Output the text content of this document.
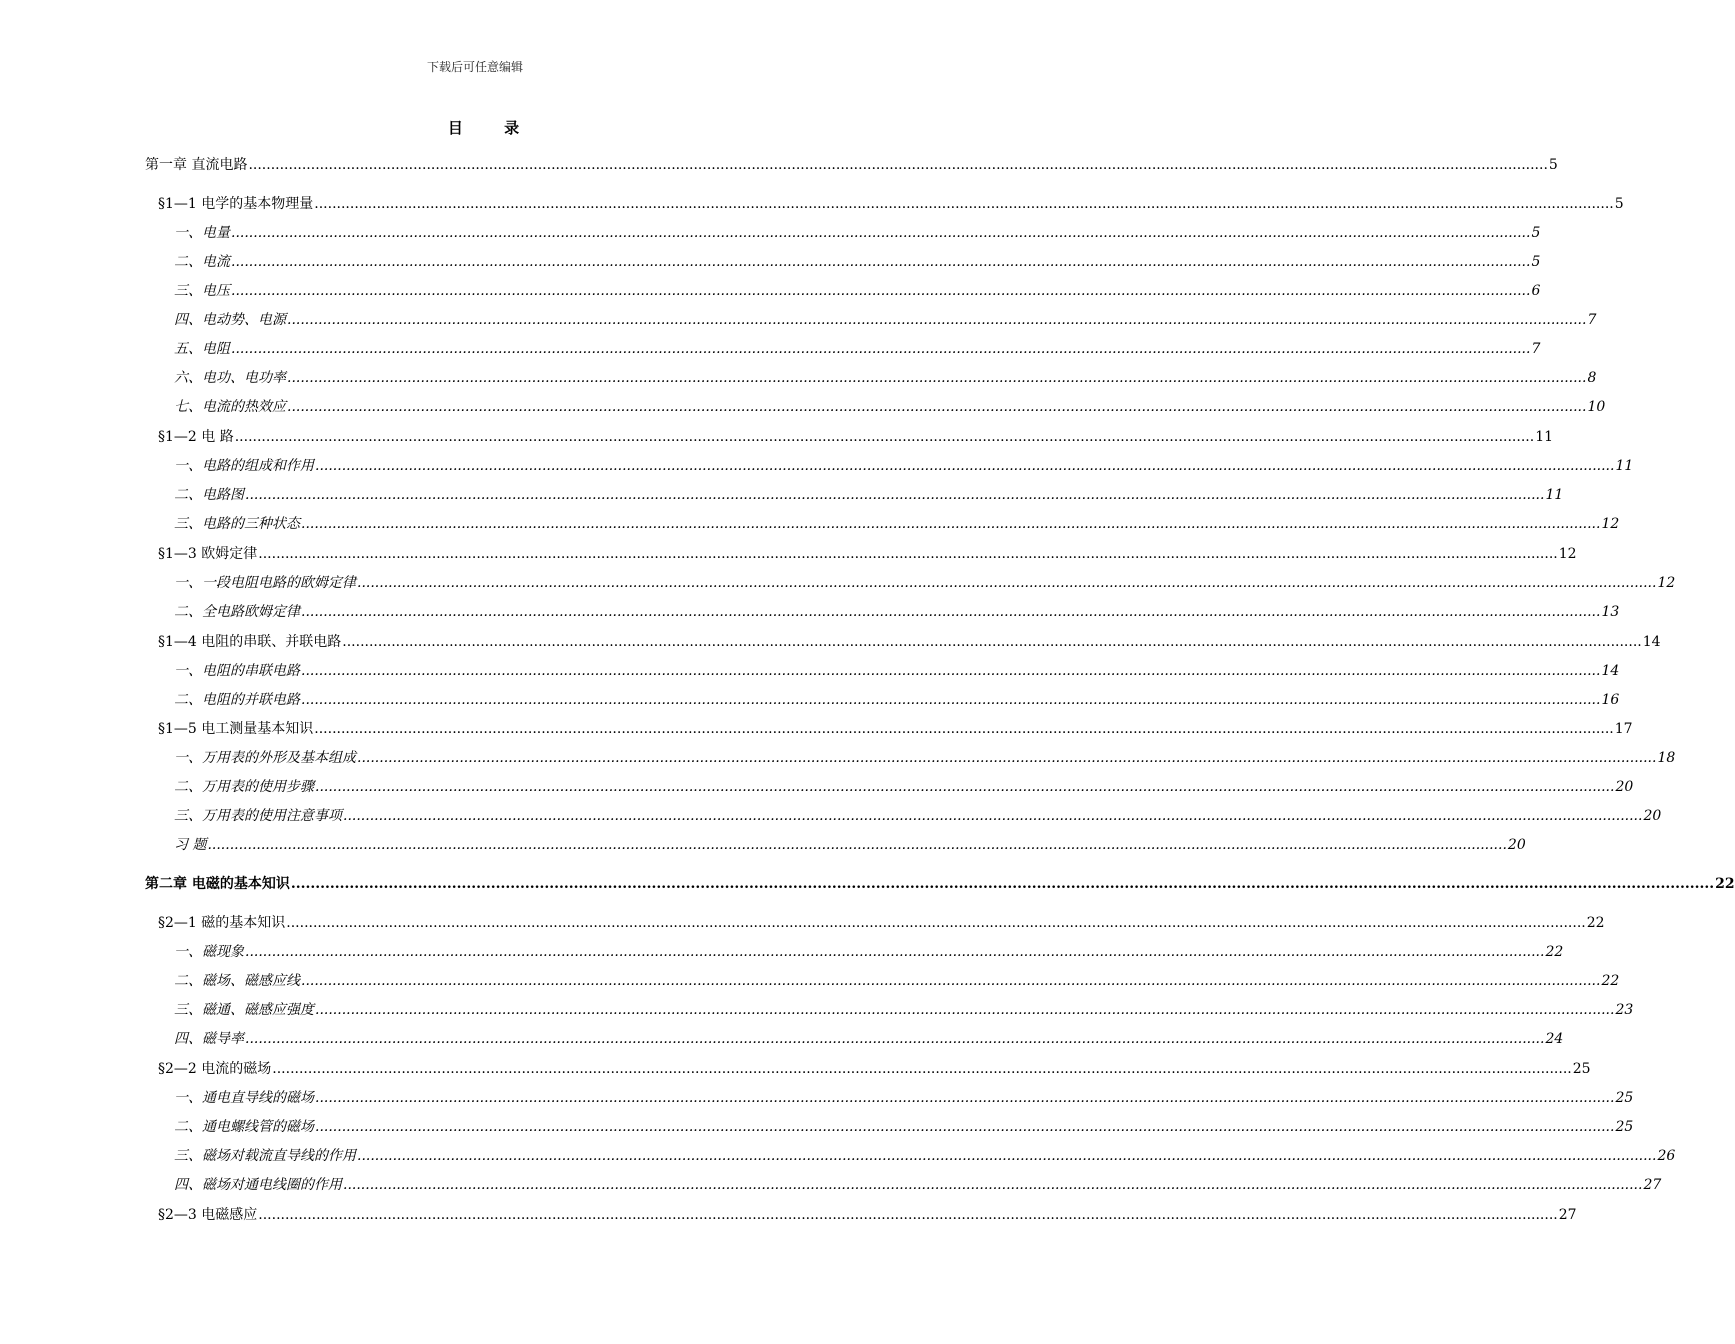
下载后可任意编辑
目 录
第一章 直流电路 .....	5
§1—1 电学的基本物理量 .....	5
一、电量 .....	5
二、电流 .....	5
三、电压 .....	6
四、电动势、电源 .....	7
五、电阻 .....	7
六、电功、电功率 .....	8
七、电流的热效应 .....	10
§1—2 电 路 .....	11
一、电路的组成和作用 .....	11
二、电路图 .....	11
三、电路的三种状态 .....	12
§1—3 欧姆定律 .....	12
一、一段电阻电路的欧姆定律 .....	12
二、全电路欧姆定律 .....	13
§1—4 电阻的串联、并联电路 .....	14
一、电阻的串联电路 .....	14
二、电阻的并联电路 .....	16
§1—5 电工测量基本知识 .....	17
一、万用表的外形及基本组成 .....	18
二、万用表的使用步骤 .....	20
三、万用表的使用注意事项 .....	20
习 题 .....	20
第二章 电磁的基本知识 .....	22
§2—1 磁的基本知识 .....	22
一、磁现象 .....	22
二、磁场、磁感应线 .....	22
三、磁通、磁感应强度 .....	23
四、磁导率 .....	24
§2—2 电流的磁场 .....	25
一、通电直导线的磁场 .....	25
二、通电螺线管的磁场 .....	25
三、磁场对载流直导线的作用 .....	26
四、磁场对通电线圈的作用 .....	27
§2—3 电磁感应 .....	27
